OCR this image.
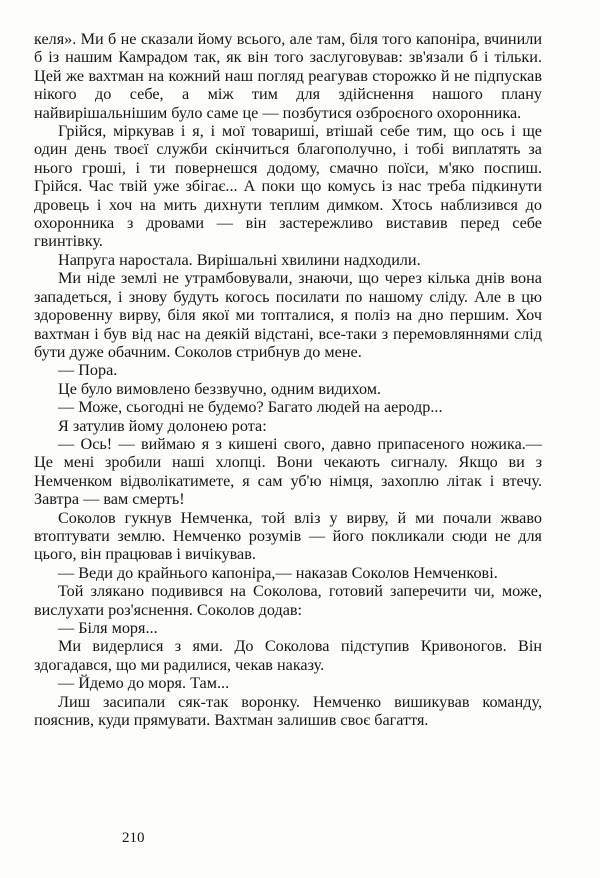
келя». Ми б не сказали йому всього, але там, біля того капоніра, вчинили б із нашим Камрадом так, як він того заслуговував: зв'язали б і тільки. Цей же вахтман на кожний наш погляд реагував сторожко й не підпускав нікого до себе, а між тим для здійснення нашого плану найвирішальнішим було саме це — позбутися озброєного охоронника.

Грійся, міркував і я, і мої товариші, втішай себе тим, що ось і ще один день твоєї служби скінчиться благополучно, і тобі виплатять за нього гроші, і ти повернешся додому, смачно поїси, м'яко поспиш. Грійся. Час твій уже збігає... А поки що комусь із нас треба підкинути дровець і хоч на мить дихнути теплим димком. Хтось наблизився до охоронника з дровами — він застережливо виставив перед себе гвинтівку.

Напруга наростала. Вирішальні хвилини надходили.

Ми ніде землі не утрамбовували, знаючи, що через кілька днів вона западеться, і знову будуть когось посилати по нашому сліду. Але в цю здоровенну вирву, біля якої ми топталися, я поліз на дно першим. Хоч вахтман і був від нас на деякій відстані, все-таки з перемовляннями слід бути дуже обачним. Соколов стрибнув до мене.

— Пора.

Це було вимовлено беззвучно, одним видихом.

— Може, сьогодні не будемо? Багато людей на аеродр...

Я затулив йому долонею рота:

— Ось! — виймаю я з кишені свого, давно припасеного ножика.— Це мені зробили наші хлопці. Вони чекають сигналу. Якщо ви з Немченком відволікатимете, я сам уб'ю німця, захоплю літак і втечу. Завтра — вам смерть!

Соколов гукнув Немченка, той вліз у вирву, й ми почали жваво втоптувати землю. Немченко розумів — його покликали сюди не для цього, він працював і вичікував.

— Веди до крайнього капоніра,— наказав Соколов Немченкові.

Той злякано подивився на Соколова, готовий заперечити чи, може, вислухати роз'яснення. Соколов додав:

— Біля моря...

Ми видерлися з ями. До Соколова підступив Кривоногов. Він здогадався, що ми радилися, чекав наказу.

— Йдемо до моря. Там...

Лиш засипали сяк-так воронку. Немченко вишикував команду, пояснив, куди прямувати. Вахтман залишив своє багаття.

210
